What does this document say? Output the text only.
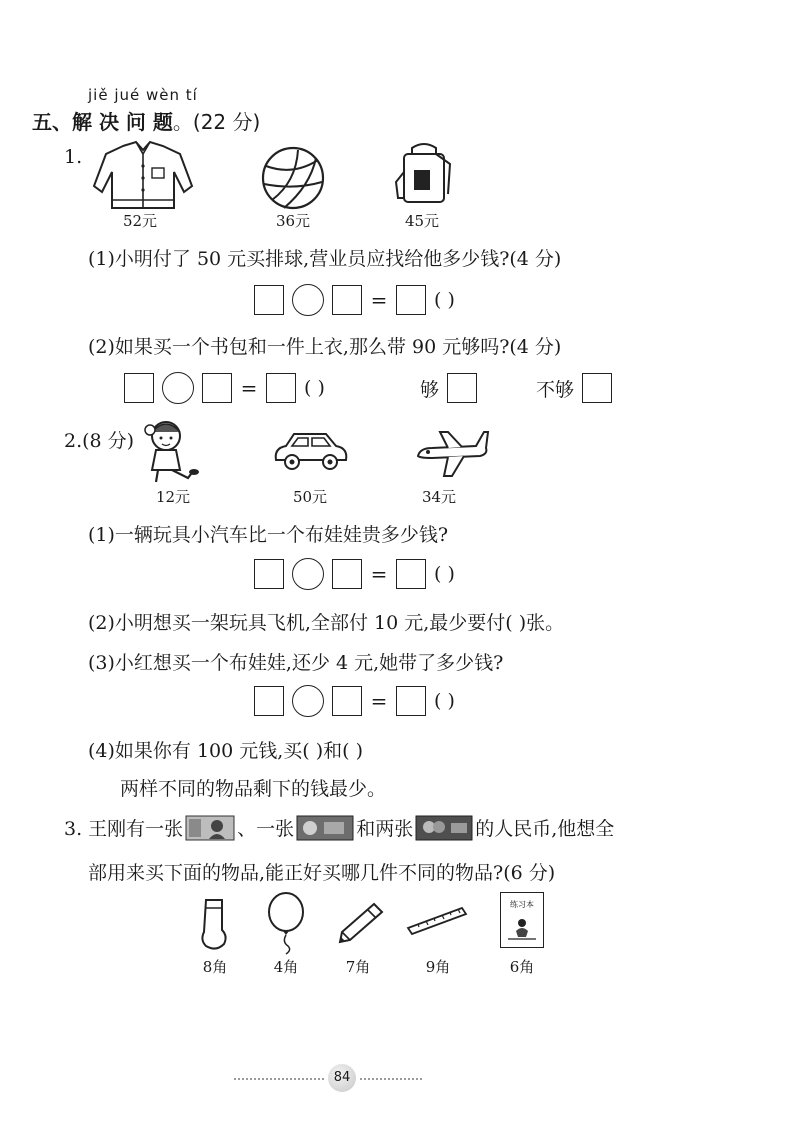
jiě jué wèn tí
五、解 决 问 题。(22 分)
1.
52元	36元	45元
(1)小明付了 50 元买排球,营业员应找给他多少钱?(4 分)
= ( )
(2)如果买一个书包和一件上衣,那么带 90 元够吗?(4 分)
= ( )	够	不够
2.(8 分)
12元	50元	34元
(1)一辆玩具小汽车比一个布娃娃贵多少钱?
= ( )
(2)小明想买一架玩具飞机,全部付 10 元,最少要付( )张。
(3)小红想买一个布娃娃,还少 4 元,她带了多少钱?
= ( )
(4)如果你有 100 元钱,买( )和( )
两样不同的物品剩下的钱最少。
3. 王刚有一张	、一张	和两张	的人民币,他想全
部用来买下面的物品,能正好买哪几件不同的物品?(6 分)
8角	4角	7角	9角
练习本
6角
84
